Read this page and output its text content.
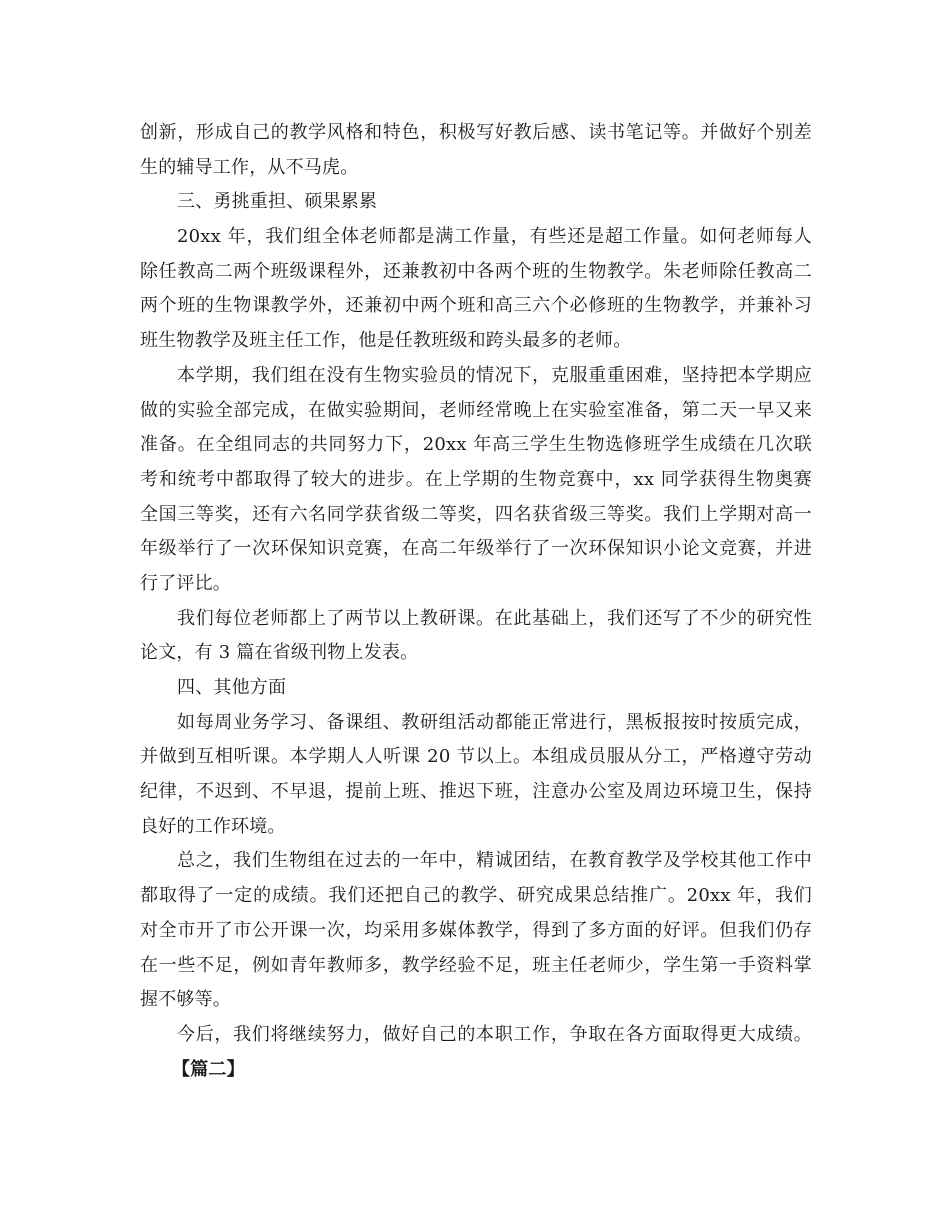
创新，形成自己的教学风格和特色，积极写好教后感、读书笔记等。并做好个别差
生的辅导工作，从不马虎。
三、勇挑重担、硕果累累
20xx 年，我们组全体老师都是满工作量，有些还是超工作量。如何老师每人
除任教高二两个班级课程外，还兼教初中各两个班的生物教学。朱老师除任教高二
两个班的生物课教学外，还兼初中两个班和高三六个必修班的生物教学，并兼补习
班生物教学及班主任工作，他是任教班级和跨头最多的老师。
本学期，我们组在没有生物实验员的情况下，克服重重困难，坚持把本学期应
做的实验全部完成，在做实验期间，老师经常晚上在实验室准备，第二天一早又来
准备。在全组同志的共同努力下，20xx 年高三学生生物选修班学生成绩在几次联
考和统考中都取得了较大的进步。在上学期的生物竞赛中，xx 同学获得生物奥赛
全国三等奖，还有六名同学获省级二等奖，四名获省级三等奖。我们上学期对高一
年级举行了一次环保知识竞赛，在高二年级举行了一次环保知识小论文竞赛，并进
行了评比。
我们每位老师都上了两节以上教研课。在此基础上，我们还写了不少的研究性
论文，有 3 篇在省级刊物上发表。
四、其他方面
如每周业务学习、备课组、教研组活动都能正常进行，黑板报按时按质完成，
并做到互相听课。本学期人人听课 20 节以上。本组成员服从分工，严格遵守劳动
纪律，不迟到、不早退，提前上班、推迟下班，注意办公室及周边环境卫生，保持
良好的工作环境。
总之，我们生物组在过去的一年中，精诚团结，在教育教学及学校其他工作中
都取得了一定的成绩。我们还把自己的教学、研究成果总结推广。20xx 年，我们
对全市开了市公开课一次，均采用多媒体教学，得到了多方面的好评。但我们仍存
在一些不足，例如青年教师多，教学经验不足，班主任老师少，学生第一手资料掌
握不够等。
今后，我们将继续努力，做好自己的本职工作，争取在各方面取得更大成绩。
【篇二】
